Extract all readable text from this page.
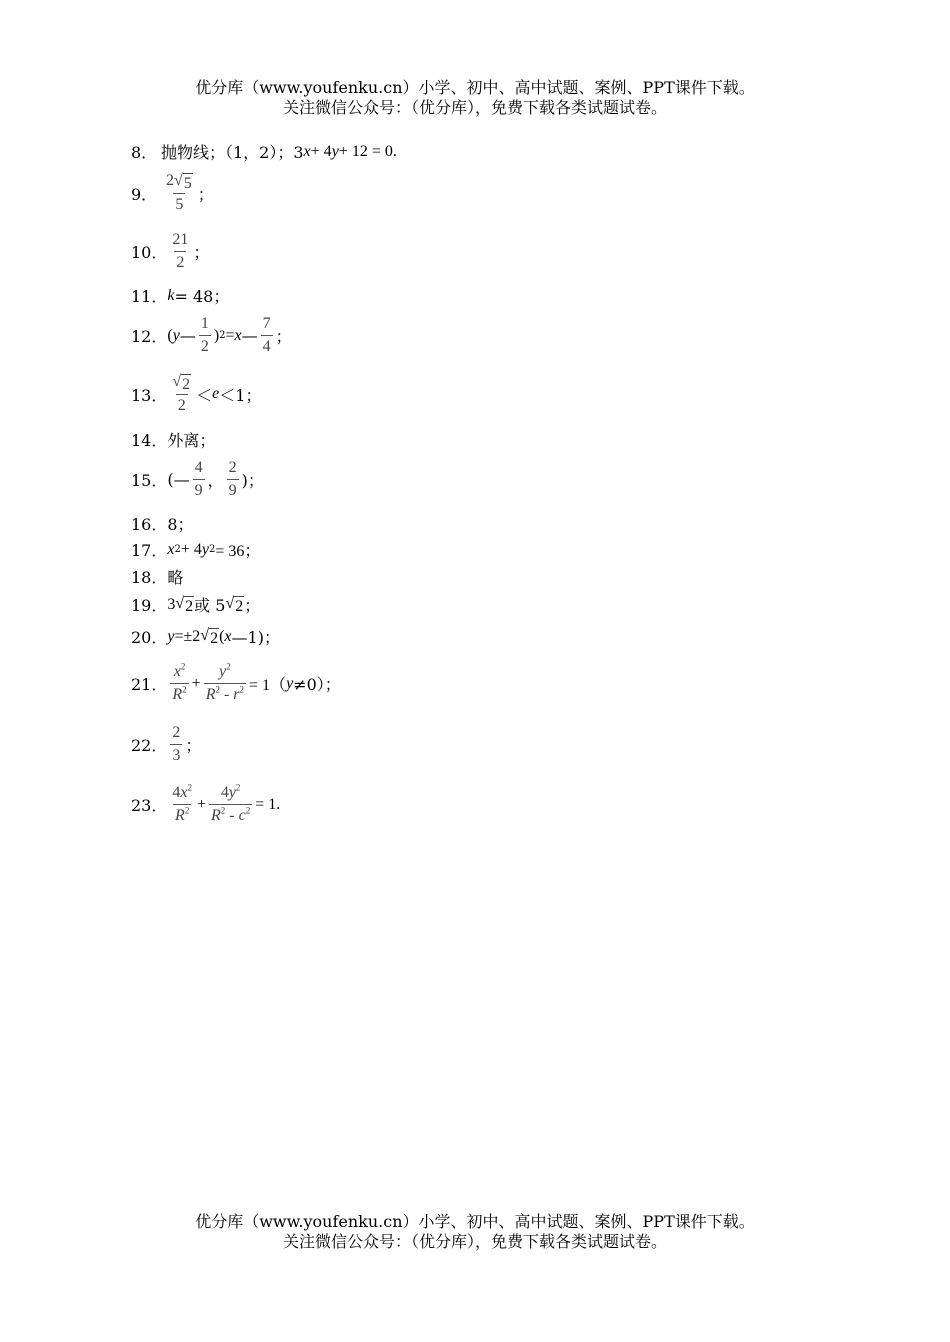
优分库（www.youfenku.cn）小学、初中、高中试题、案例、PPT课件下载。
关注微信公众号：（优分库），免费下载各类试题试卷。
8． 抛物线；（1，2）；3 x + 4 y + 12 = 0.
9． $\frac{2 √ 5}{5}$ ；
10． $\frac{21}{2}$ ；
11． k = 48；
12． ( y — $\frac{1}{2}$ ) 2 = x — $\frac{7}{4}$ ；
13． $\frac{√ 2}{2} < e <1$；
14． 外离；
15． (— $\frac{4}{9}$ ， $\frac{2}{9}$ )；
16． 8；
17． x 2 + 4 y 2 = 36；
18． 略
19． 3 √ 2 或 5 √ 2 ；
20． y =±2 √ 2 ( x —1)；
21． $\frac{x^2}{R^2} + \frac{y^2}{R^2 - r^2} = 1$（ y ≠0）；
22． $\frac{2}{3}$ ；
23． $\frac{4x^2}{R^2} + \frac{4y^2}{R^2 - c^2} = 1$.
优分库（www.youfenku.cn）小学、初中、高中试题、案例、PPT课件下载。
关注微信公众号：（优分库），免费下载各类试题试卷。
